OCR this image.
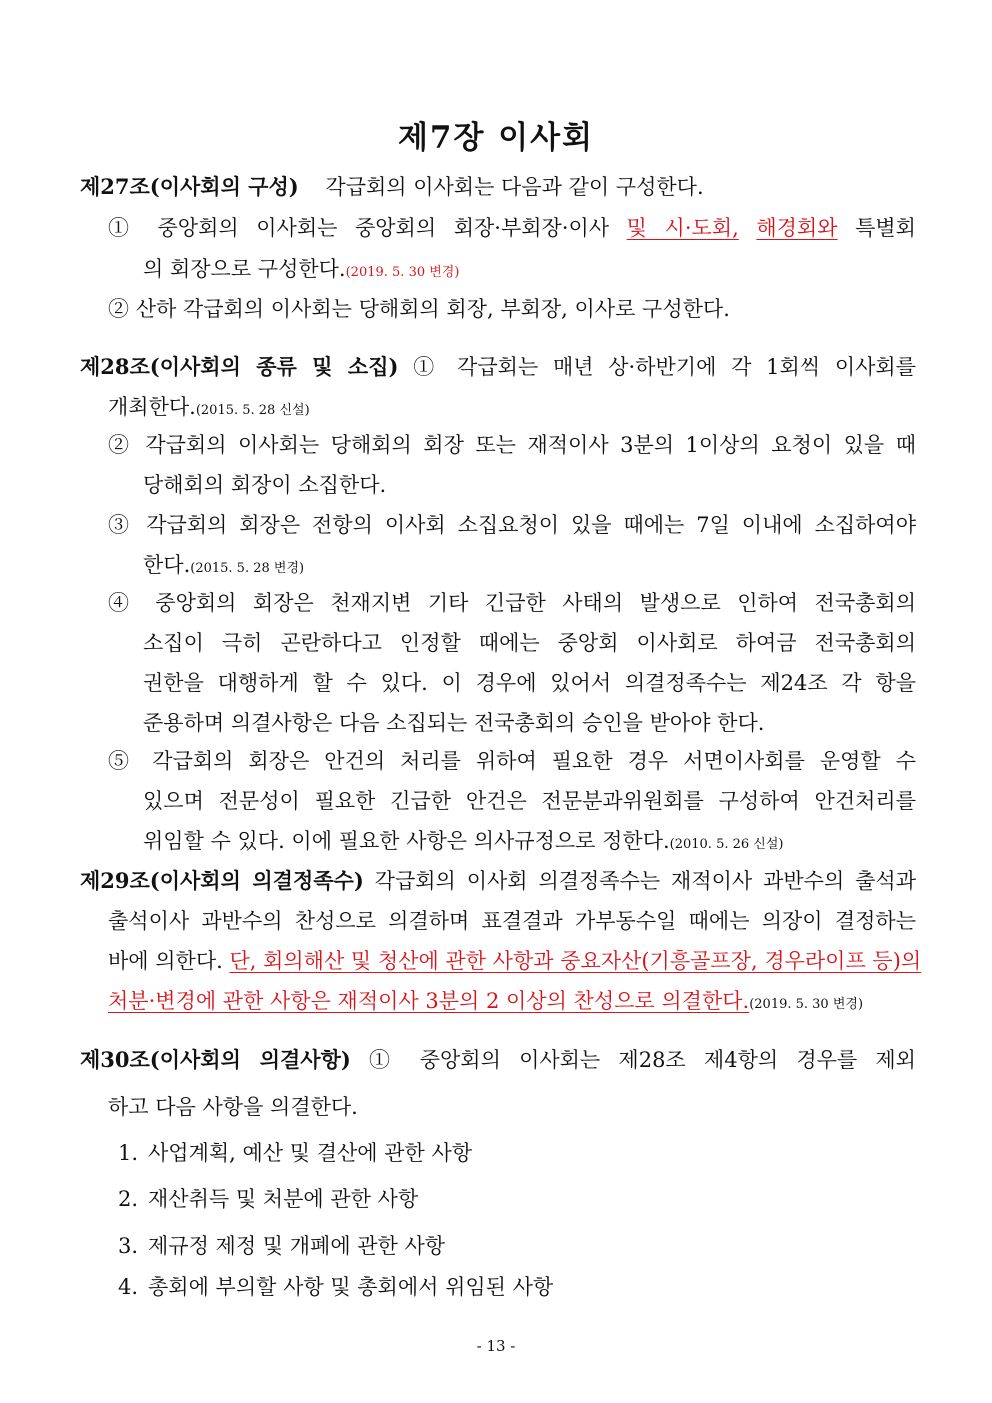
제7장 이사회
제27조(이사회의 구성) 각급회의 이사회는 다음과 같이 구성한다.
① 중앙회의 이사회는 중앙회의 회장·부회장·이사 및 시·도회, 해경회와 특별회
의 회장으로 구성한다.(2019. 5. 30 변경)
② 산하 각급회의 이사회는 당해회의 회장, 부회장, 이사로 구성한다.
제28조(이사회의 종류 및 소집) ① 각급회는 매년 상·하반기에 각 1회씩 이사회를
개최한다.(2015. 5. 28 신설)
② 각급회의 이사회는 당해회의 회장 또는 재적이사 3분의 1이상의 요청이 있을 때
당해회의 회장이 소집한다.
③ 각급회의 회장은 전항의 이사회 소집요청이 있을 때에는 7일 이내에 소집하여야
한다.(2015. 5. 28 변경)
④ 중앙회의 회장은 천재지변 기타 긴급한 사태의 발생으로 인하여 전국총회의
소집이 극히 곤란하다고 인정할 때에는 중앙회 이사회로 하여금 전국총회의
권한을 대행하게 할 수 있다. 이 경우에 있어서 의결정족수는 제24조 각 항을
준용하며 의결사항은 다음 소집되는 전국총회의 승인을 받아야 한다.
⑤ 각급회의 회장은 안건의 처리를 위하여 필요한 경우 서면이사회를 운영할 수
있으며 전문성이 필요한 긴급한 안건은 전문분과위원회를 구성하여 안건처리를
위임할 수 있다. 이에 필요한 사항은 의사규정으로 정한다.(2010. 5. 26 신설)
제29조(이사회의 의결정족수) 각급회의 이사회 의결정족수는 재적이사 과반수의 출석과
출석이사 과반수의 찬성으로 의결하며 표결결과 가부동수일 때에는 의장이 결정하는
바에 의한다. 단, 회의해산 및 청산에 관한 사항과 중요자산(기흥골프장, 경우라이프 등)의
처분·변경에 관한 사항은 재적이사 3분의 2 이상의 찬성으로 의결한다.(2019. 5. 30 변경)
제30조(이사회의 의결사항) ① 중앙회의 이사회는 제28조 제4항의 경우를 제외
하고 다음 사항을 의결한다.
1. 사업계획, 예산 및 결산에 관한 사항
2. 재산취득 및 처분에 관한 사항
3. 제규정 제정 및 개폐에 관한 사항
4. 총회에 부의할 사항 및 총회에서 위임된 사항
- 13 -
